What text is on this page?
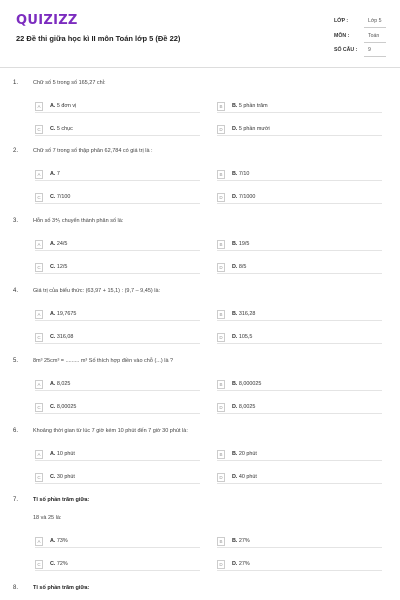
QUIZIZZ
22 Đề thi giữa học kì II môn Toán lớp 5 (Đề 22)
LỚP :	Lớp 5
MÔN :	Toán
SỐ CÂU : 9
1.	Chữ số 5 trong số 165,27 chỉ:
A	A. 5 đơn vị	B	B. 5 phần trăm
C	C. 5 chục	D	D. 5 phần mười
2.	Chữ số 7 trong số thập phân 62,784 có giá trị là :
A	A. 7	B	B. 7/10
C	C. 7/100	D	D. 7/1000
3.	Hỗn số 3⅘ chuyển thành phân số là:
A	A. 24/5	B	B. 19/5
C	C. 12/5	D	D. 8/5
4.	Giá trị của biểu thức: (63,97 + 15,1) : (9,7 – 9,45) là:
A	A. 19,7675	B	B. 316,28
C	C. 316,08	D	D. 105,5
5.	8m³ 25cm³ = ......... m³ Số thích hợp điền vào chỗ (...) là ?
A	A. 8,025	B	B. 8,000025
C	C. 8,00025	D	D. 8,0025
6.	Khoảng thời gian từ lúc 7 giờ kém 10 phút đến 7 giờ 30 phút là:
A	A. 10 phút	B	B. 20 phút
C	C. 30 phút	D	D. 40 phút
7.	Tỉ số phần trăm giữa:
18 và 25 là:
A	A. 73%	B	B. 27%
C	C. 72%	D	D. 27%
8.	Tỉ số phần trăm giữa:
